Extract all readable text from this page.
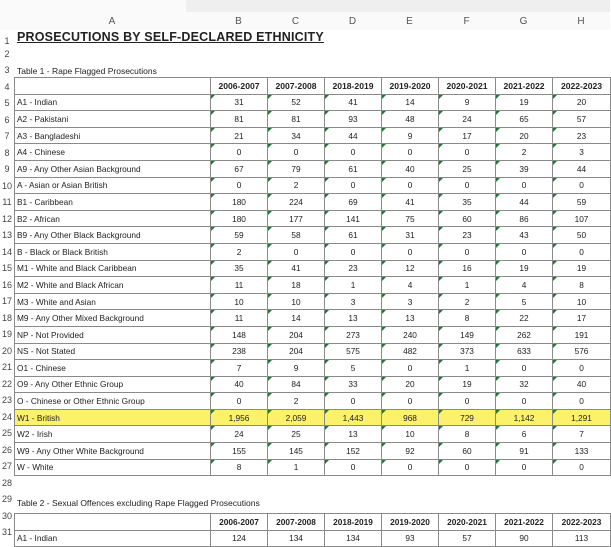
A	B	C	D	E	F	G	H
1
2
3
4
5
6
7
8
9
10
11
12
13
14
15
16
17
18
19
20
21
22
23
24
25
26
27
28
29
30
31
PROSECUTIONS BY SELF-DECLARED ETHNICITY
Table 1 - Rape Flagged Prosecutions
	2006-2007	2007-2008	2018-2019	2019-2020	2020-2021	2021-2022	2022-2023
A1 - Indian	31	52	41	14	9	19	20
A2 - Pakistani	81	81	93	48	24	65	57
A3 - Bangladeshi	21	34	44	9	17	20	23
A4 - Chinese	0	0	0	0	0	2	3
A9 - Any Other Asian Background	67	79	61	40	25	39	44
A - Asian or Asian British	0	2	0	0	0	0	0
B1 - Caribbean	180	224	69	41	35	44	59
B2 - African	180	177	141	75	60	86	107
B9 - Any Other Black Background	59	58	61	31	23	43	50
B - Black or Black British	2	0	0	0	0	0	0
M1 - White and Black Caribbean	35	41	23	12	16	19	19
M2 - White and Black African	11	18	1	4	1	4	8
M3 - White and Asian	10	10	3	3	2	5	10
M9 - Any Other Mixed Background	11	14	13	13	8	22	17
NP - Not Provided	148	204	273	240	149	262	191
NS - Not Stated	238	204	575	482	373	633	576
O1 - Chinese	7	9	5	0	1	0	0
O9 - Any Other Ethnic Group	40	84	33	20	19	32	40
O - Chinese or Other Ethnic Group	0	2	0	0	0	0	0
W1 - British	1,956	2,059	1,443	968	729	1,142	1,291
W2 - Irish	24	25	13	10	8	6	7
W9 - Any Other White Background	155	145	152	92	60	91	133
W - White	8	1	0	0	0	0	0
Table 2 - Sexual Offences excluding Rape Flagged Prosecutions
	2006-2007	2007-2008	2018-2019	2019-2020	2020-2021	2021-2022	2022-2023
A1 - Indian	124	134	134	93	57	90	113
